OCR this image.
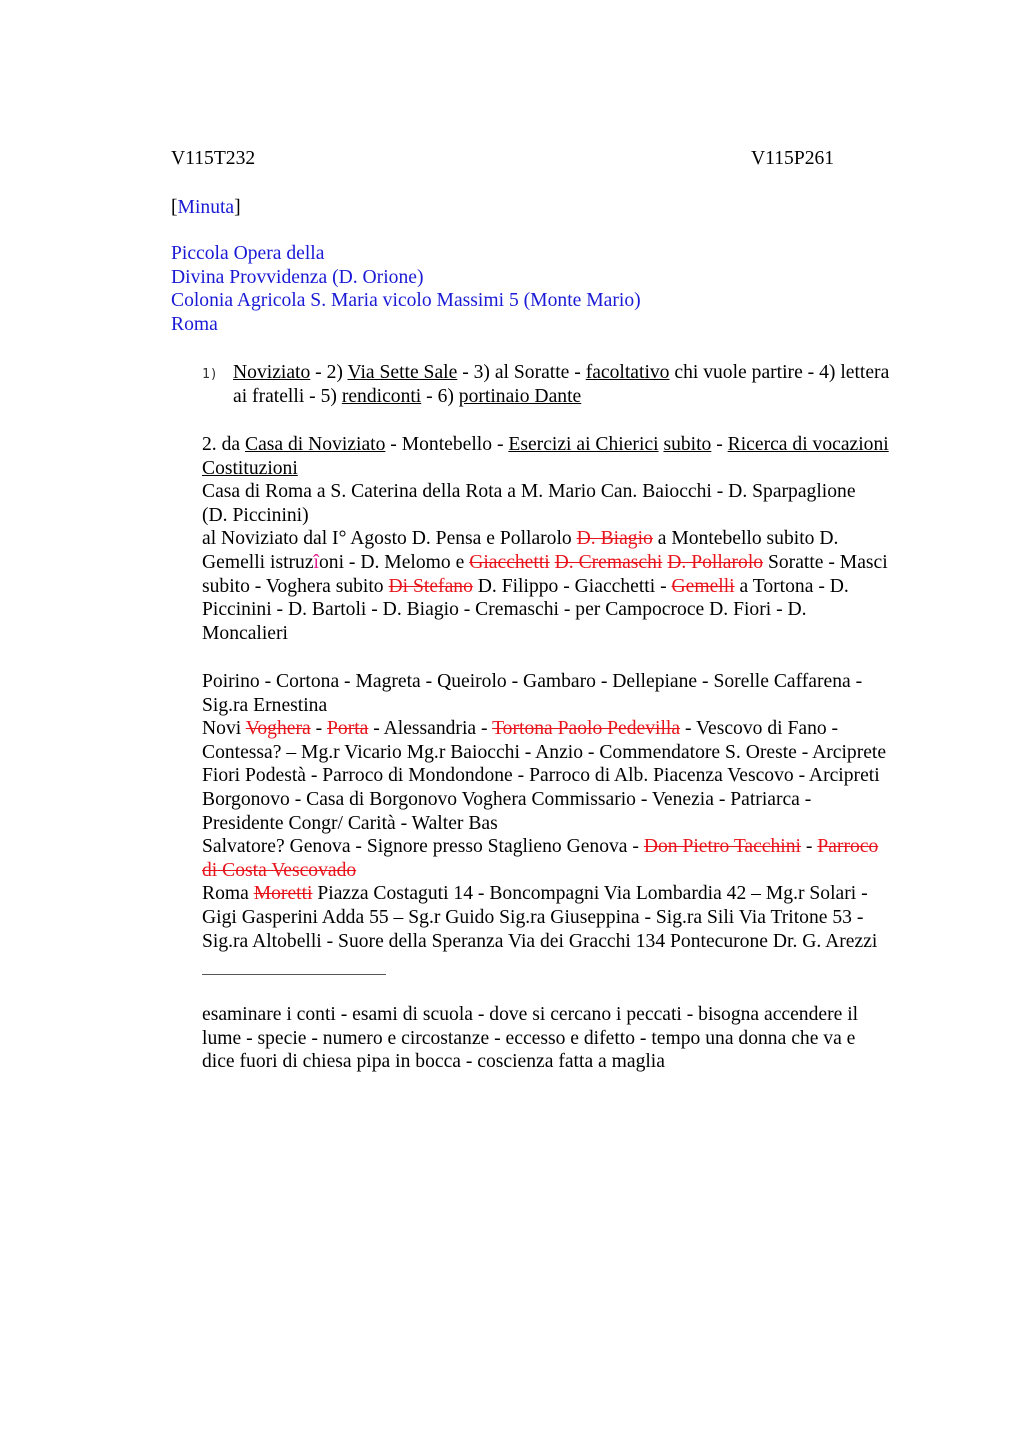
V115T232	V115P261
[Minuta]
Piccola Opera della
Divina Provvidenza (D. Orione)
Colonia Agricola S. Maria vicolo Massimi 5 (Monte Mario)
Roma
1) Noviziato - 2) Via Sette Sale - 3) al Soratte - facoltativo chi vuole partire - 4) lettera
ai fratelli - 5) rendiconti - 6) portinaio Dante
2. da Casa di Noviziato - Montebello - Esercizi ai Chierici subito - Ricerca di vocazioni
Costituzioni
Casa di Roma a S. Caterina della Rota a M. Mario Can. Baiocchi - D. Sparpaglione
(D. Piccinini)
al Noviziato dal I° Agosto D. Pensa e Pollarolo D. Biagio a Montebello subito D.
Gemelli istruzîoni - D. Melomo e Giacchetti D. Cremaschi D. Pollarolo Soratte - Masci
subito - Voghera subito Di Stefano D. Filippo - Giacchetti - Gemelli a Tortona - D.
Piccinini - D. Bartoli - D. Biagio - Cremaschi - per Campocroce D. Fiori - D.
Moncalieri
Poirino - Cortona - Magreta - Queirolo - Gambaro - Dellepiane - Sorelle Caffarena -
Sig.ra Ernestina
Novi Voghera - Porta - Alessandria - Tortona Paolo Pedevilla - Vescovo di Fano -
Contessa? – Mg.r Vicario Mg.r Baiocchi - Anzio - Commendatore S. Oreste - Arciprete
Fiori Podestà - Parroco di Mondondone - Parroco di Alb. Piacenza Vescovo - Arcipreti
Borgonovo - Casa di Borgonovo Voghera Commissario - Venezia - Patriarca -
Presidente Congr/ Carità - Walter Bas
Salvatore? Genova - Signore presso Staglieno Genova - Don Pietro Tacchini - Parroco
di Costa Vescovado
Roma Moretti Piazza Costaguti 14 - Boncompagni Via Lombardia 42 – Mg.r Solari -
Gigi Gasperini Adda 55 – Sg.r Guido Sig.ra Giuseppina - Sig.ra Sili Via Tritone 53 -
Sig.ra Altobelli - Suore della Speranza Via dei Gracchi 134 Pontecurone Dr. G. Arezzi
esaminare i conti - esami di scuola - dove si cercano i peccati - bisogna accendere il
lume - specie - numero e circostanze - eccesso e difetto - tempo una donna che va e
dice fuori di chiesa pipa in bocca - coscienza fatta a maglia
